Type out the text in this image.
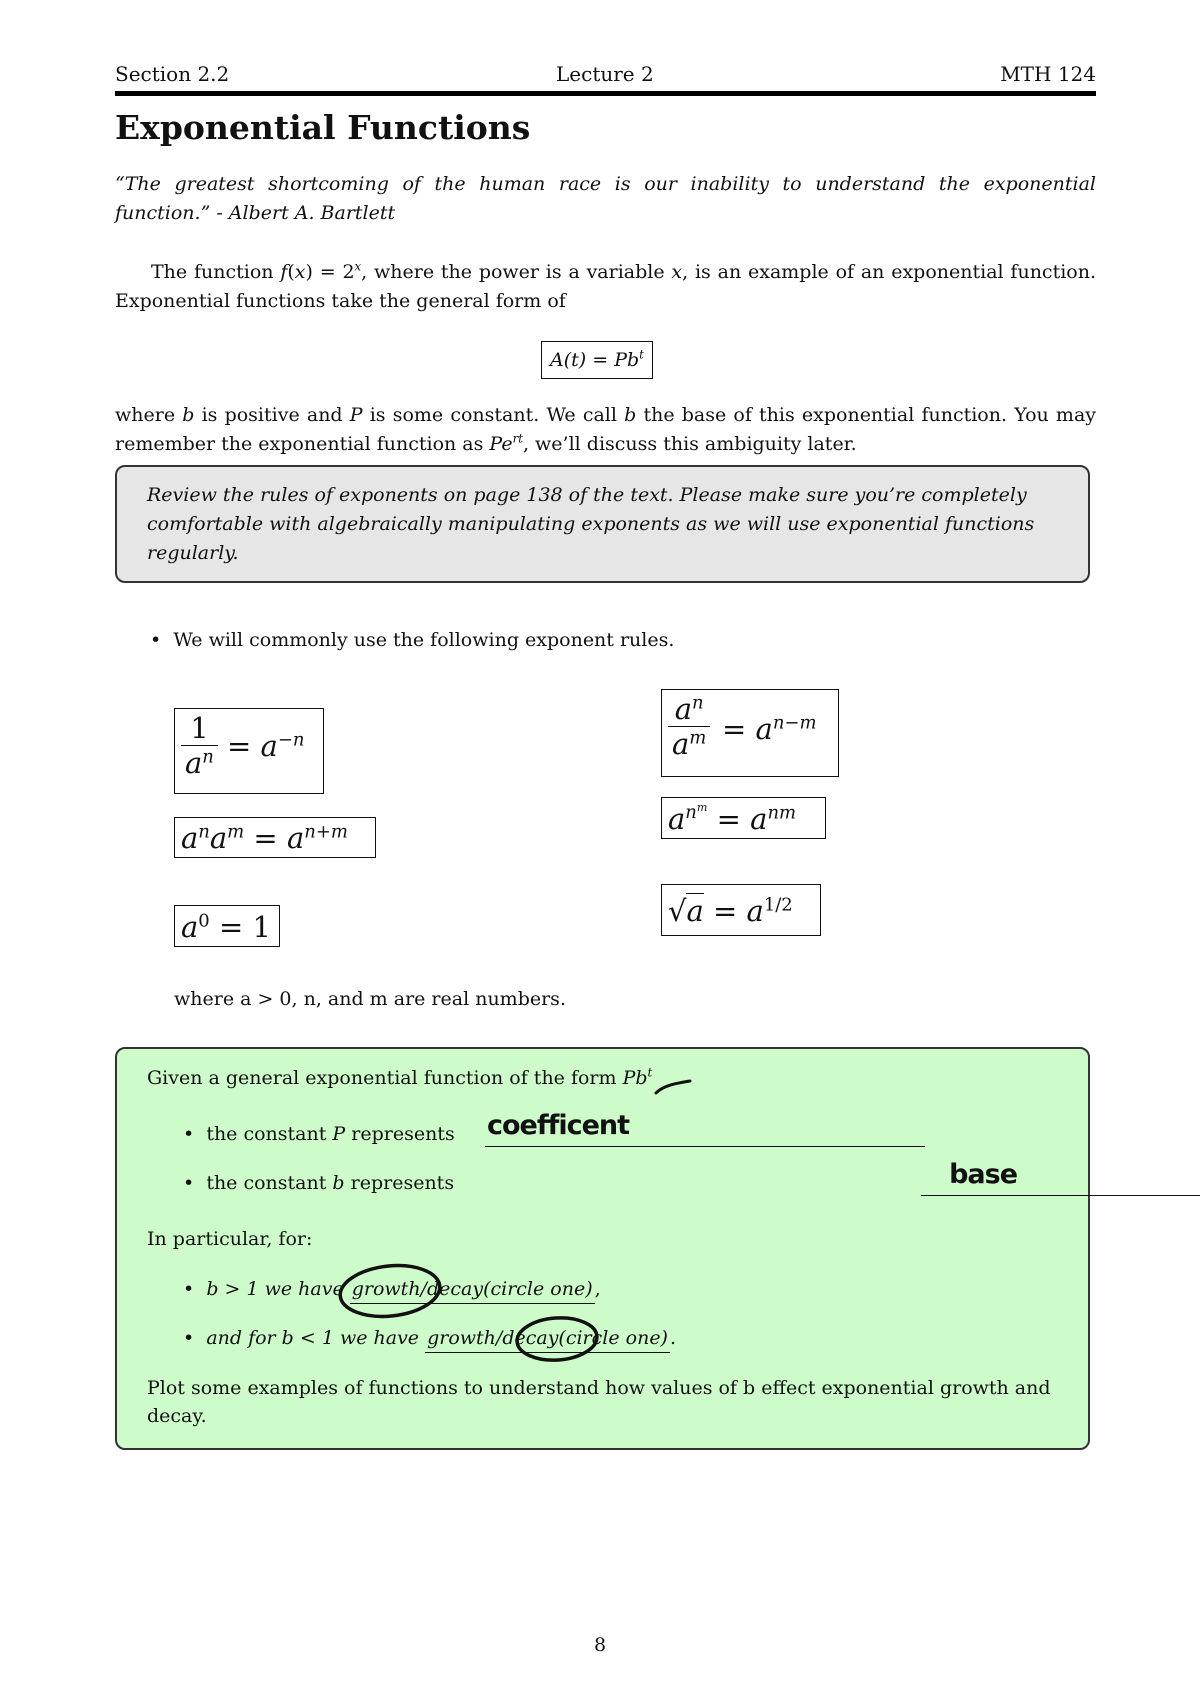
Section 2.2	Lecture 2	MTH 124
Exponential Functions
“The greatest shortcoming of the human race is our inability to understand the exponential function.” - Albert A. Bartlett
The function $f(x) = 2^x$, where the power is a variable x, is an example of an exponential function. Exponential functions take the general form of
$A(t) = Pb^t$
where b is positive and P is some constant. We call b the base of this exponential function. You may remember the exponential function as $Pe^{rt}$, we’ll discuss this ambiguity later.
Review the rules of exponents on page 138 of the text. Please make sure you’re completely comfortable with algebraically manipulating exponents as we will use exponential functions regularly.
• We will commonly use the following exponent rules.
$\frac{1}{a^n} = a^{-n}$
$a^na^m = a^{n+m}$
$a^0 = 1$
$\frac{a^n}{a^m} = a^{n-m}$
$a^{n^m} = a^{nm}$
$√a = a^{1/2}$
where a > 0, n, and m are real numbers.
Given a general exponential function of the form Pb$^t$
• the constant P represents coefficent

• the constant b represents	base
In particular, for:
• b > 1 we have growth/decay(circle one) ,
• and for b < 1 we have growth/decay(circle one) .
Plot some examples of functions to understand how values of b effect exponential growth and decay.
8
